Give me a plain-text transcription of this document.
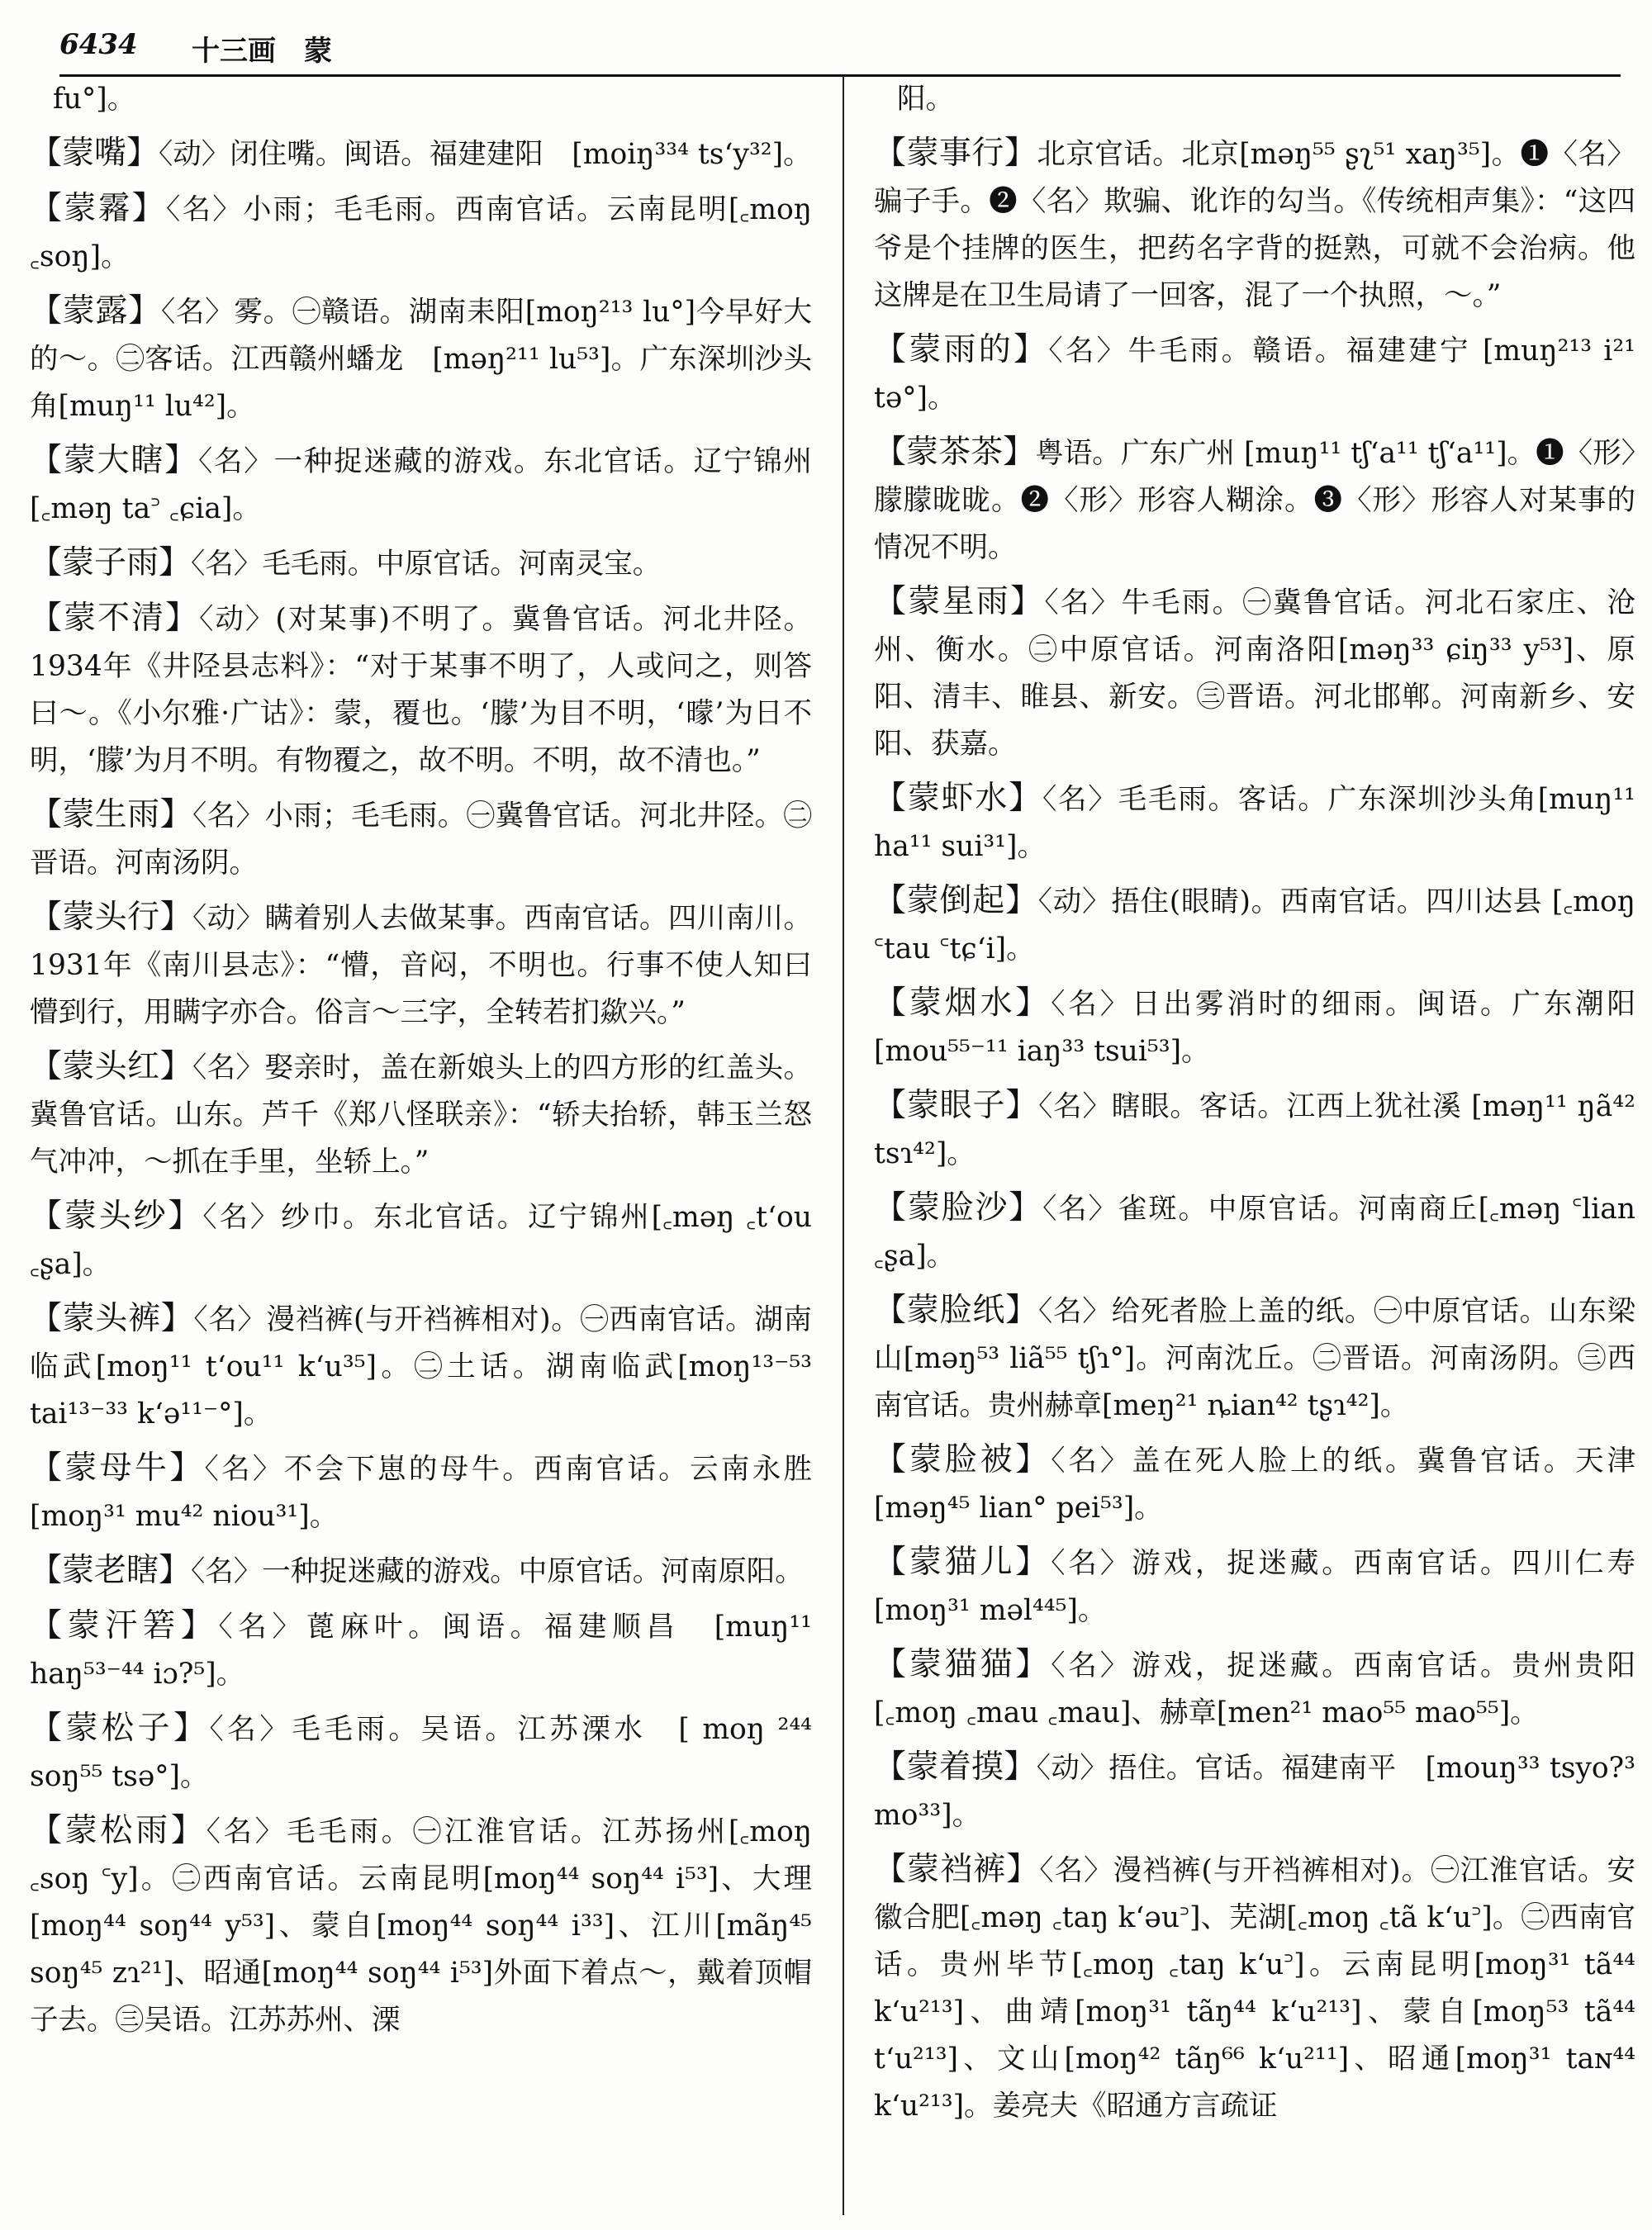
6434 十三画　蒙
fu°]。
【蒙嘴】〈动〉闭住嘴。闽语。福建建阳　[moiŋ³³⁴ ts‘y³²]。
【蒙霿】〈名〉小雨；毛毛雨。西南官话。云南昆明[꜀moŋ ꜀soŋ]。
【蒙露】〈名〉雾。㊀赣语。湖南耒阳[moŋ²¹³ lu°]今早好大的～。㊁客话。江西赣州蟠龙　[məŋ²¹¹ lu⁵³]。广东深圳沙头角[muŋ¹¹ lu⁴²]。
【蒙大瞎】〈名〉一种捉迷藏的游戏。东北官话。辽宁锦州[꜀məŋ ta꜄ ꜀ɕia]。
【蒙子雨】〈名〉毛毛雨。中原官话。河南灵宝。
【蒙不清】〈动〉(对某事)不明了。冀鲁官话。河北井陉。1934年《井陉县志料》：“对于某事不明了，人或问之，则答曰～。《小尔雅·广诂》：蒙，覆也。‘朦’为目不明，‘曚’为日不明，‘朦’为月不明。有物覆之，故不明。不明，故不清也。”
【蒙生雨】〈名〉小雨；毛毛雨。㊀冀鲁官话。河北井陉。㊁晋语。河南汤阴。
【蒙头行】〈动〉瞒着别人去做某事。西南官话。四川南川。1931年《南川县志》：“懵，音闷，不明也。行事不使人知曰懵到行，用瞒字亦合。俗言～三字，全转若扪歘兴。”
【蒙头红】〈名〉娶亲时，盖在新娘头上的四方形的红盖头。冀鲁官话。山东。芦千《郑八怪联亲》：“轿夫抬轿，韩玉兰怒气冲冲，～抓在手里，坐轿上。”
【蒙头纱】〈名〉纱巾。东北官话。辽宁锦州[꜀məŋ ꜀t‘ou ꜀ʂa]。
【蒙头裤】〈名〉漫裆裤(与开裆裤相对)。㊀西南官话。湖南临武[moŋ¹¹ t‘ou¹¹ k‘u³⁵]。㊁土话。湖南临武[moŋ¹³⁻⁵³ tai¹³⁻³³ k‘ə¹¹⁻°]。
【蒙母牛】〈名〉不会下崽的母牛。西南官话。云南永胜[moŋ³¹ mu⁴² niou³¹]。
【蒙老瞎】〈名〉一种捉迷藏的游戏。中原官话。河南原阳。
【蒙汗箬】〈名〉蓖麻叶。闽语。福建顺昌　[muŋ¹¹ haŋ⁵³⁻⁴⁴ iɔ?⁵]。
【蒙松子】〈名〉毛毛雨。吴语。江苏溧水　[ moŋ ²⁴⁴ soŋ⁵⁵ tsə°]。
【蒙松雨】〈名〉毛毛雨。㊀江淮官话。江苏扬州[꜀moŋ ꜀soŋ ꜂y]。㊁西南官话。云南昆明[moŋ⁴⁴ soŋ⁴⁴ i⁵³]、大理[moŋ⁴⁴ soŋ⁴⁴ y⁵³]、蒙自[moŋ⁴⁴ soŋ⁴⁴ i³³]、江川[mãŋ⁴⁵ soŋ⁴⁵ zɿ²¹]、昭通[moŋ⁴⁴ soŋ⁴⁴ i⁵³]外面下着点～，戴着顶帽子去。㊂吴语。江苏苏州、溧
阳。
【蒙事行】北京官话。北京[məŋ⁵⁵ ʂʅ⁵¹ xaŋ³⁵]。❶〈名〉骗子手。❷〈名〉欺骗、讹诈的勾当。《传统相声集》：“这四爷是个挂牌的医生，把药名字背的挺熟，可就不会治病。他这牌是在卫生局请了一回客，混了一个执照，～。”
【蒙雨的】〈名〉牛毛雨。赣语。福建建宁 [muŋ²¹³ i²¹ tə°]。
【蒙茶茶】粤语。广东广州 [muŋ¹¹ tʃ‘a¹¹ tʃ‘a¹¹]。❶〈形〉朦朦昽昽。❷〈形〉形容人糊涂。❸〈形〉形容人对某事的情况不明。
【蒙星雨】〈名〉牛毛雨。㊀冀鲁官话。河北石家庄、沧州、衡水。㊁中原官话。河南洛阳[məŋ³³ ɕiŋ³³ y⁵³]、原阳、清丰、睢县、新安。㊂晋语。河北邯郸。河南新乡、安阳、获嘉。
【蒙虾水】〈名〉毛毛雨。客话。广东深圳沙头角[muŋ¹¹ ha¹¹ sui³¹]。
【蒙倒起】〈动〉捂住(眼睛)。西南官话。四川达县 [꜀moŋ ꜂tau ꜂tɕ‘i]。
【蒙烟水】〈名〉日出雾消时的细雨。闽语。广东潮阳 [mou⁵⁵⁻¹¹ iaŋ³³ tsui⁵³]。
【蒙眼子】〈名〉瞎眼。客话。江西上犹社溪 [məŋ¹¹ ŋã⁴² tsɿ⁴²]。
【蒙脸沙】〈名〉雀斑。中原官话。河南商丘[꜀məŋ ꜂lian ꜀ʂa]。
【蒙脸纸】〈名〉给死者脸上盖的纸。㊀中原官话。山东梁山[məŋ⁵³ liã⁵⁵ tʃɿ°]。河南沈丘。㊁晋语。河南汤阴。㊂西南官话。贵州赫章[meŋ²¹ ȵian⁴² tʂɿ⁴²]。
【蒙脸被】〈名〉盖在死人脸上的纸。冀鲁官话。天津 [məŋ⁴⁵ lian° pei⁵³]。
【蒙猫儿】〈名〉游戏，捉迷藏。西南官话。四川仁寿 [moŋ³¹ məl⁴⁴⁵]。
【蒙猫猫】〈名〉游戏，捉迷藏。西南官话。贵州贵阳 [꜀moŋ ꜀mau ꜀mau]、赫章[men²¹ mao⁵⁵ mao⁵⁵]。
【蒙着摸】〈动〉捂住。官话。福建南平　[mouŋ³³ tsyo?³ mo³³]。
【蒙裆裤】〈名〉漫裆裤(与开裆裤相对)。㊀江淮官话。安徽合肥[꜀məŋ ꜀taŋ k‘əu꜄]、芜湖[꜀moŋ ꜀tã k‘u꜄]。㊁西南官话。贵州毕节[꜀moŋ ꜀taŋ k‘u꜄]。云南昆明[moŋ³¹ tã⁴⁴ k‘u²¹³]、曲靖[moŋ³¹ tãŋ⁴⁴ k‘u²¹³]、蒙自[moŋ⁵³ tã⁴⁴ t‘u²¹³]、文山[moŋ⁴² tãŋ⁶⁶ k‘u²¹¹]、昭通[moŋ³¹ taɴ⁴⁴ k‘u²¹³]。姜亮夫《昭通方言疏证
